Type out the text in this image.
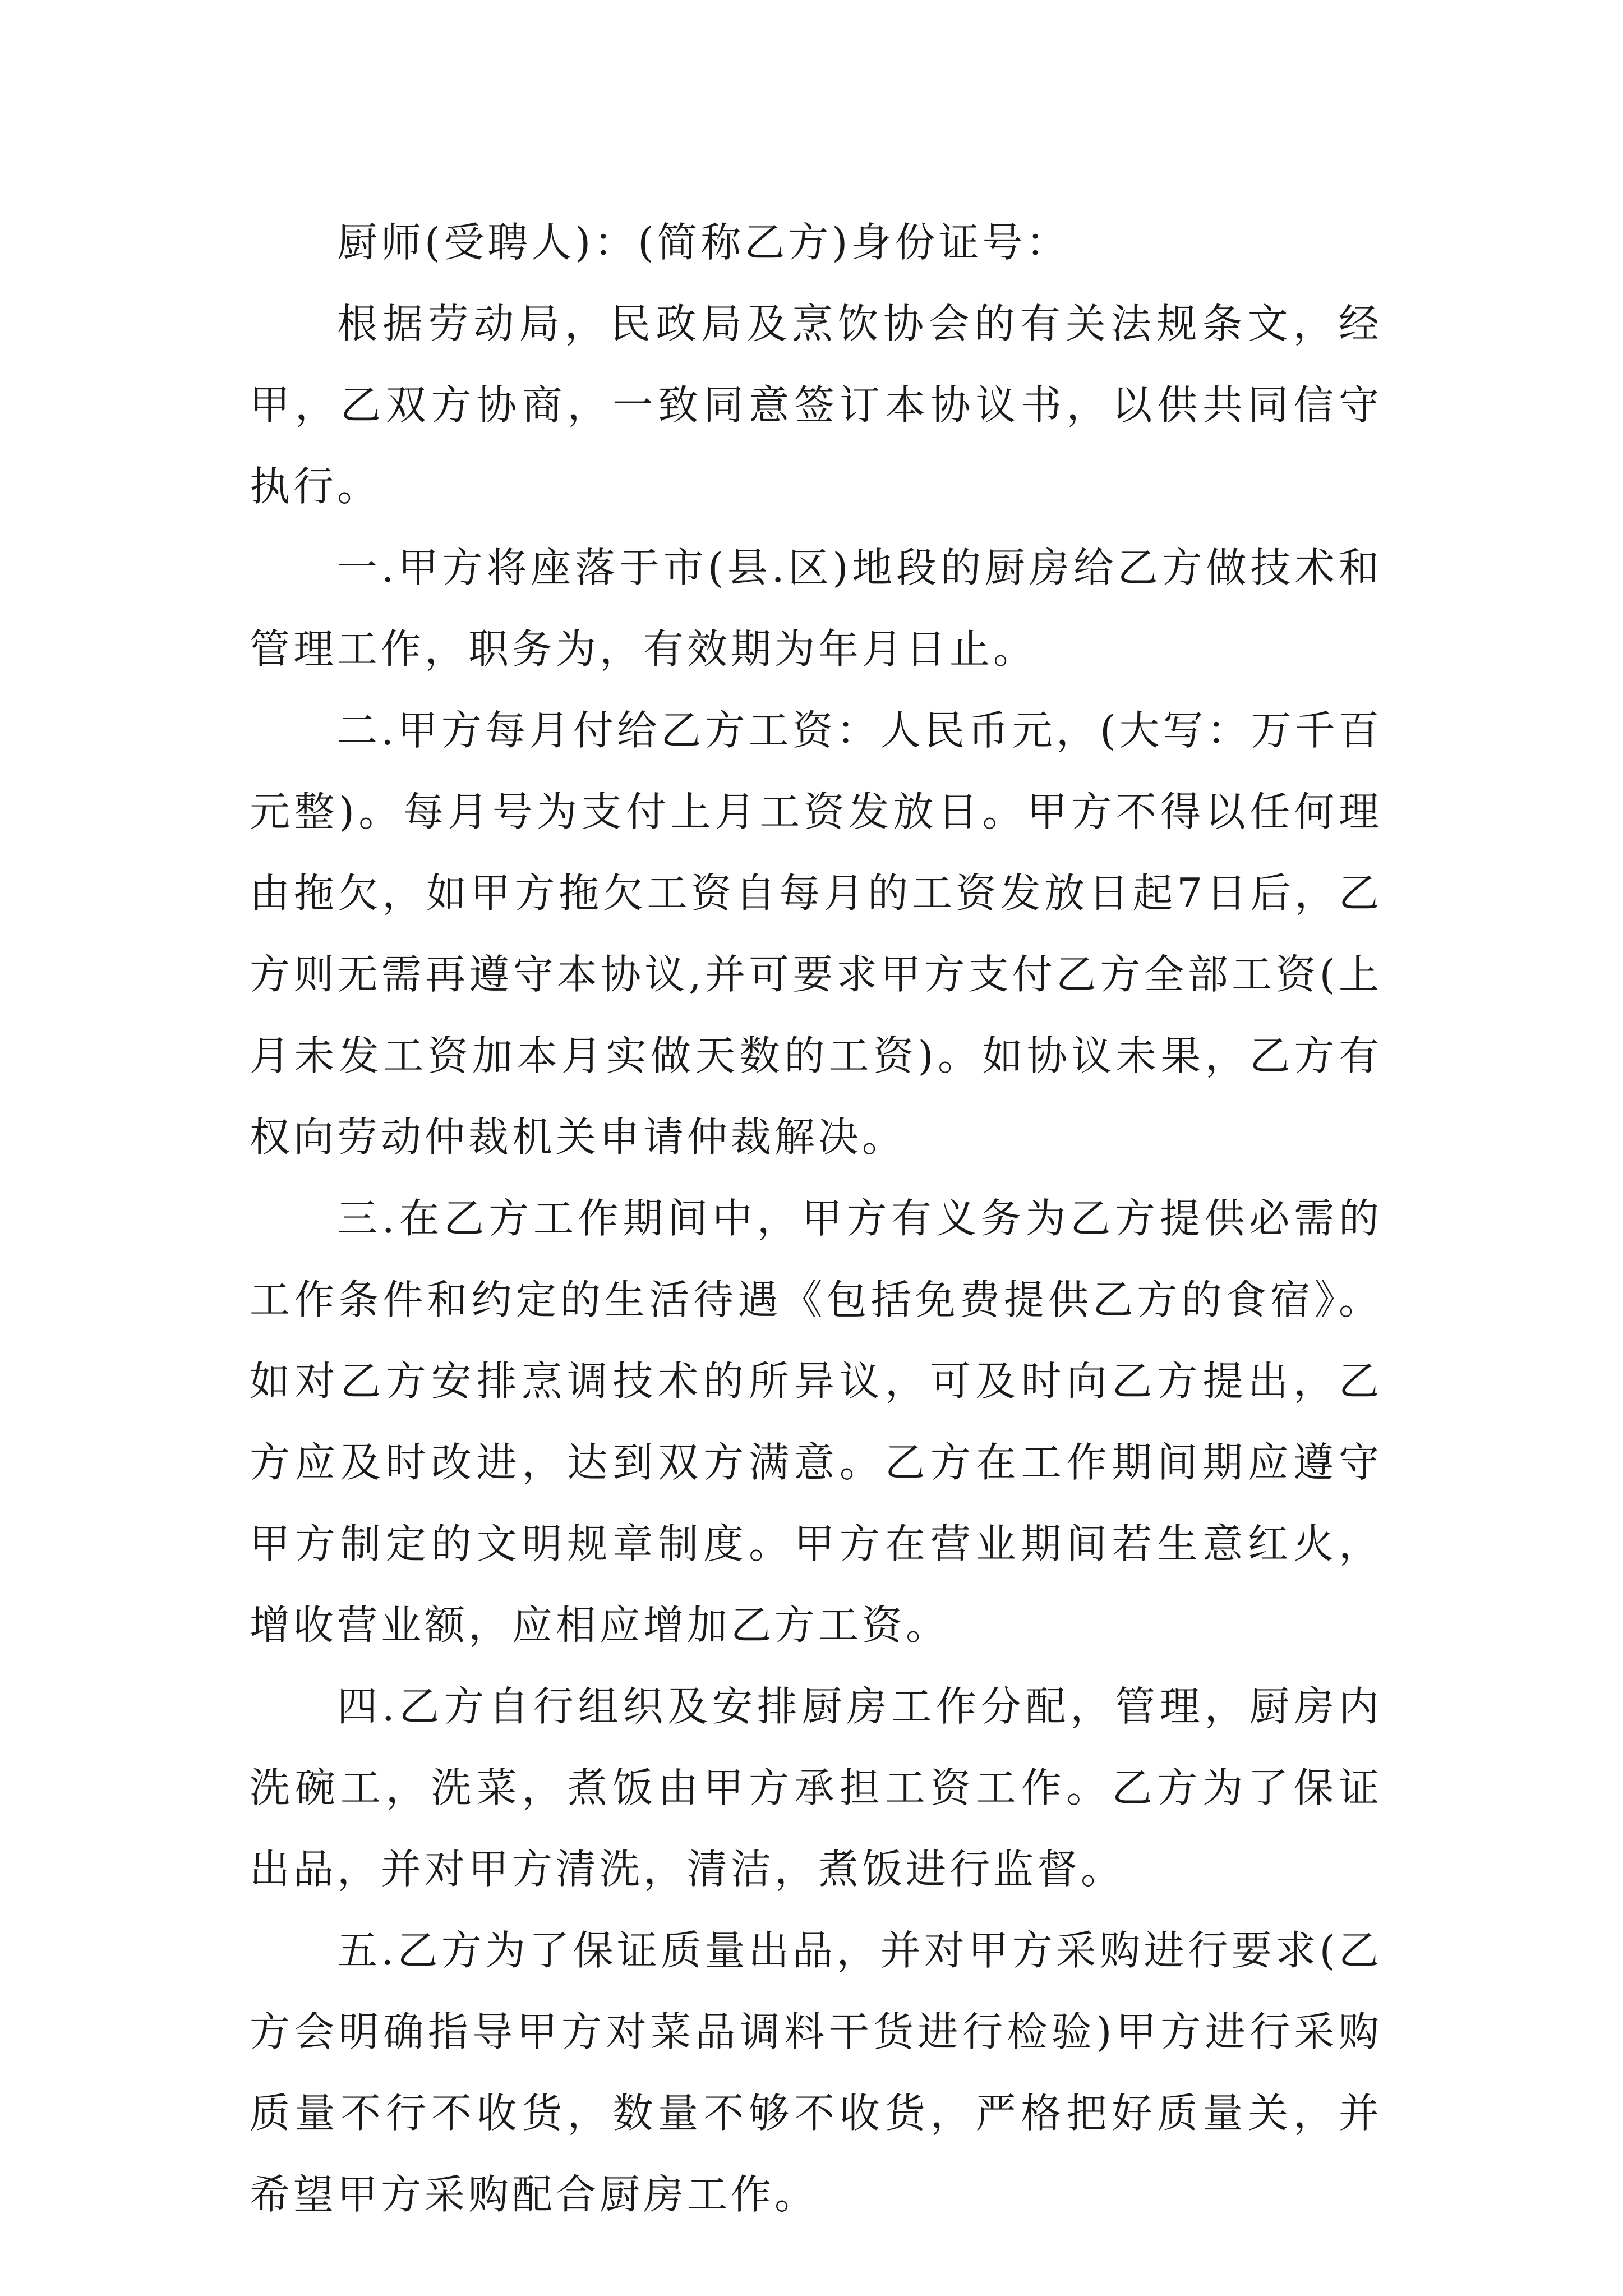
厨师(受聘人)：(简称乙方)身份证号：

根据劳动局，民政局及烹饮协会的有关法规条文，经甲，乙双方协商，一致同意签订本协议书，以供共同信守执行。

一.甲方将座落于市(县.区)地段的厨房给乙方做技术和管理工作，职务为，有效期为年月日止。

二.甲方每月付给乙方工资：人民币元，(大写：万千百元整)。每月号为支付上月工资发放日。甲方不得以任何理由拖欠，如甲方拖欠工资自每月的工资发放日起7日后，乙方则无需再遵守本协议,并可要求甲方支付乙方全部工资(上月未发工资加本月实做天数的工资)。如协议未果，乙方有权向劳动仲裁机关申请仲裁解决。

三.在乙方工作期间中，甲方有义务为乙方提供必需的工作条件和约定的生活待遇《包括免费提供乙方的食宿》。如对乙方安排烹调技术的所异议，可及时向乙方提出，乙方应及时改进，达到双方满意。乙方在工作期间期应遵守甲方制定的文明规章制度。甲方在营业期间若生意红火，增收营业额，应相应增加乙方工资。

四.乙方自行组织及安排厨房工作分配，管理，厨房内洗碗工，洗菜，煮饭由甲方承担工资工作。乙方为了保证出品，并对甲方清洗，清洁，煮饭进行监督。

五.乙方为了保证质量出品，并对甲方采购进行要求(乙方会明确指导甲方对菜品调料干货进行检验)甲方进行采购质量不行不收货，数量不够不收货，严格把好质量关，并希望甲方采购配合厨房工作。
